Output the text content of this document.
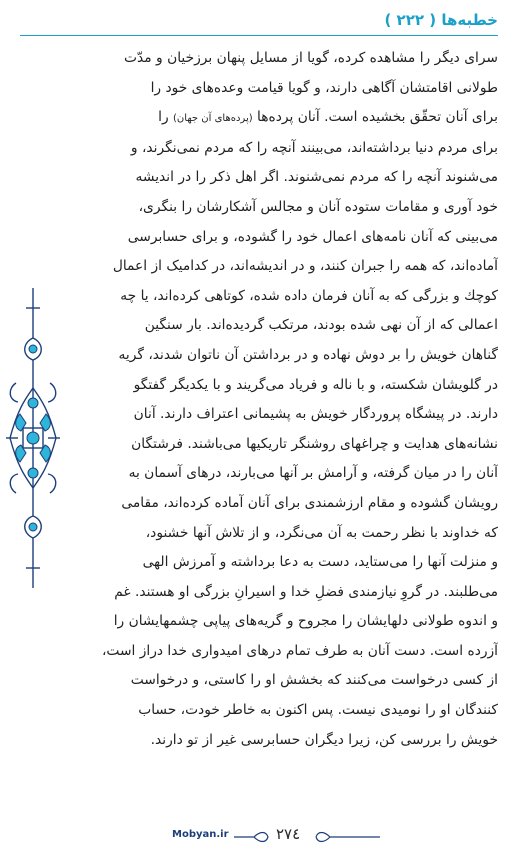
خطبه‌ها ( ٢٢٢ )
سرای دیگر را مشاهده کرده، گویا از مسایل پنهان برزخیان و مدّت
طولانی اقامتشان آگاهی دارند، و گویا قیامت وعده‌های خود را
برای آنان تحقّق بخشیده است. آنان پرده‌ها (پرده‌های آن جهان) را
برای مردم دنیا برداشته‌اند، می‌بینند آنچه را که مردم نمی‌نگرند، و
می‌شنوند آنچه را که مردم نمی‌شنوند. اگر اهل ذکر را در اندیشه
خود آوری و مقامات ستوده آنان و مجالس آشکارشان را بنگری،
می‌بینی که آنان نامه‌های اعمال خود را گشوده، و برای حسابرسی
آماده‌اند، که همه را جبران کنند، و در اندیشه‌اند، در کدامیک از اعمال
کوچك و بزرگی که به آنان فرمان داده شده، کوتاهی کرده‌اند، یا چه
اعمالی که از آن نهی شده بودند، مرتکب گردیده‌اند. بار سنگین
گناهان خویش را بر دوش نهاده و در برداشتن آن ناتوان شدند، گریه
در گلویشان شکسته، و با ناله و فریاد می‌گریند و با یکدیگر گفتگو
دارند. در پیشگاه پروردگار خویش به پشیمانی اعتراف دارند. آنان
نشانه‌های هدایت و چراغهای روشنگر تاریکیها می‌باشند. فرشتگان
آنان را در میان گرفته، و آرامش بر آنها می‌بارند، درهای آسمان به
رویشان گشوده و مقام ارزشمندی برای آنان آماده کرده‌اند، مقامی
که خداوند با نظر رحمت به آن می‌نگرد، و از تلاش آنها خشنود،
و منزلت آنها را می‌ستاید، دست به دعا برداشته و آمرزش الهی
می‌طلبند. در گروِ نیازمندی فضلِ خدا و اسیرانِ بزرگی او هستند. غم
و اندوه طولانی دلهایشان را مجروح و گریه‌های پیاپی چشمهایشان را
آزرده است. دست آنان به طرف تمام درهای امیدواری خدا دراز است،
از کسی درخواست می‌کنند که بخشش او را کاستی، و درخواست
کنندگان او را نومیدی نیست. پس اکنون به خاطر خودت، حساب
خویش را بررسی کن، زیرا دیگران حسابرسی غیر از تو دارند.
Mobyan.ir	٢٧٤
